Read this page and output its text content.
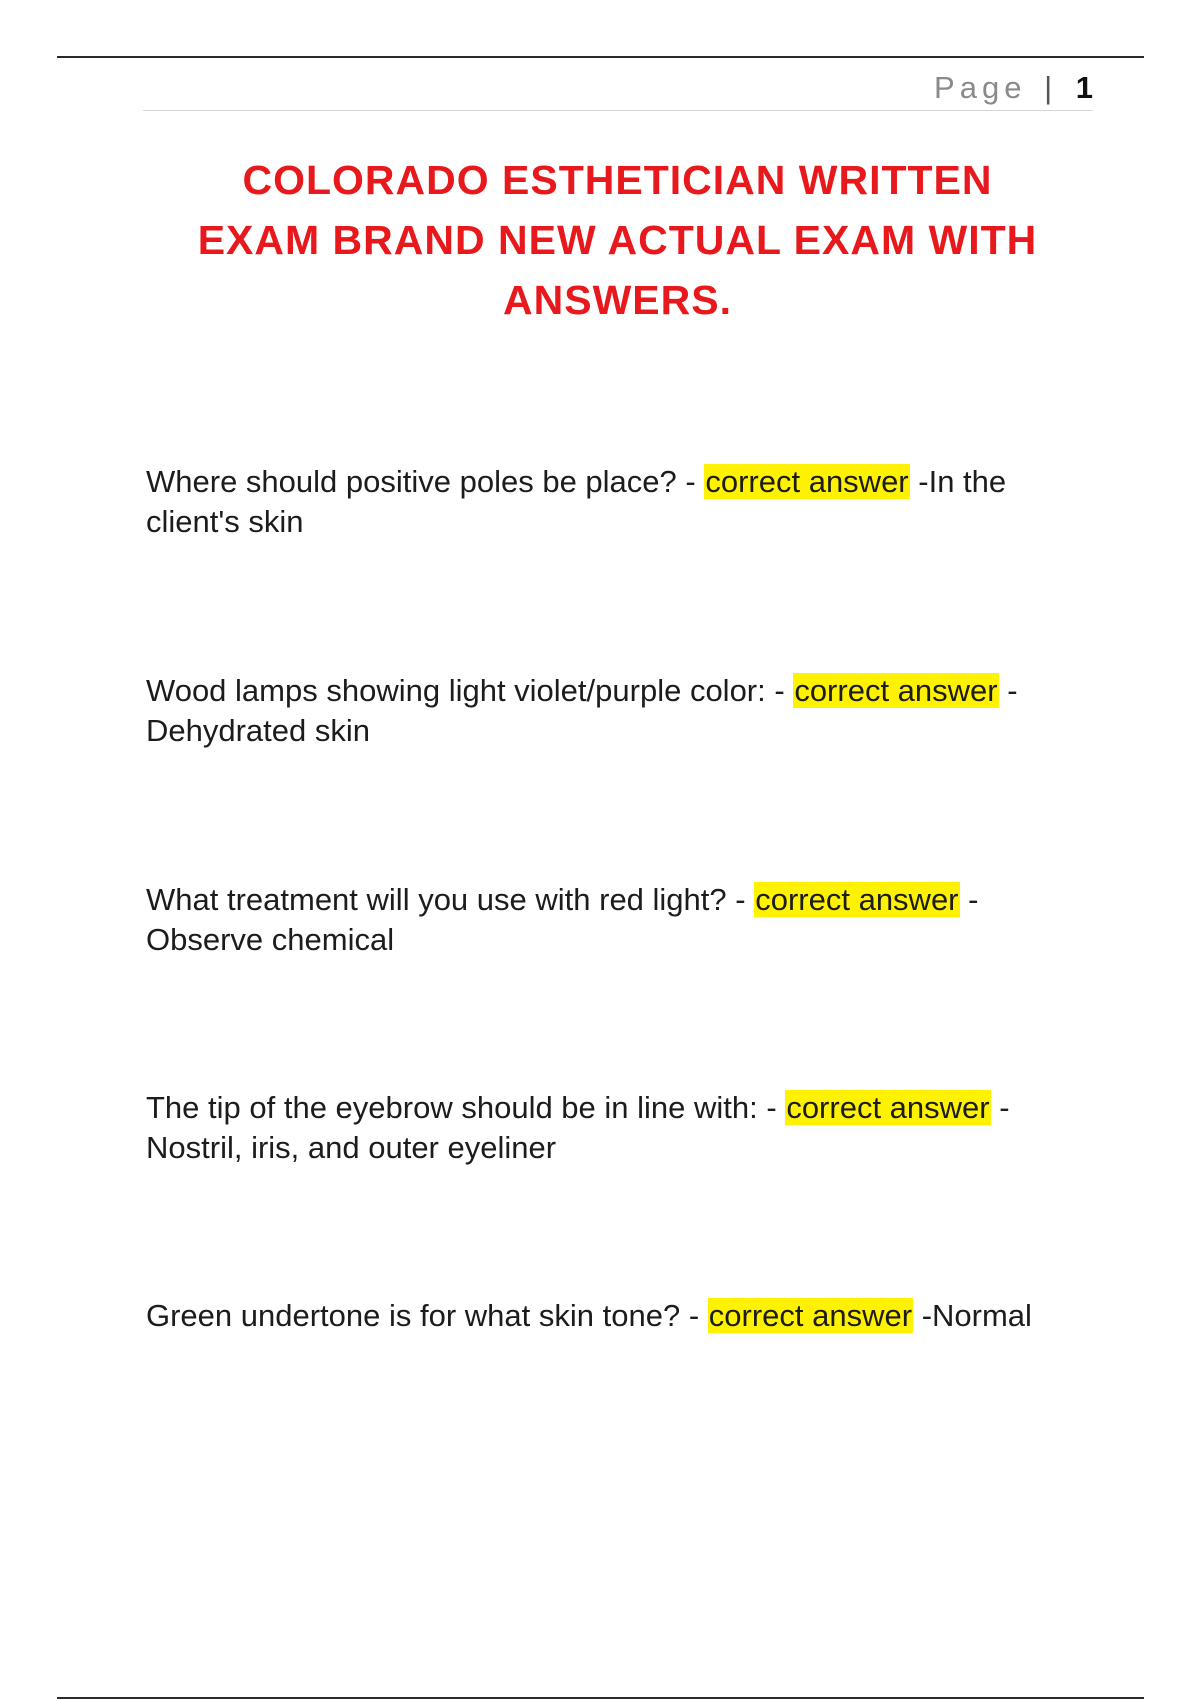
Page | 1
COLORADO ESTHETICIAN WRITTEN
EXAM BRAND NEW ACTUAL EXAM WITH
ANSWERS.

Where should positive poles be place? - correct answer -In the client's skin

Wood lamps showing light violet/purple color: - correct answer - Dehydrated skin

What treatment will you use with red light? - correct answer - Observe chemical

The tip of the eyebrow should be in line with: - correct answer - Nostril, iris, and outer eyeliner

Green undertone is for what skin tone? - correct answer -Normal
